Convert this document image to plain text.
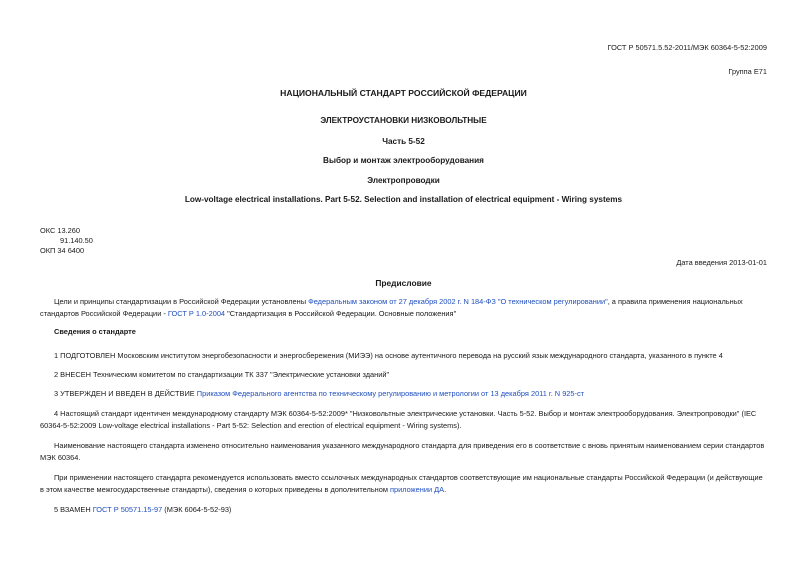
ГОСТ Р 50571.5.52-2011/МЭК 60364-5-52:2009
Группа Е71
НАЦИОНАЛЬНЫЙ СТАНДАРТ РОССИЙСКОЙ ФЕДЕРАЦИИ
ЭЛЕКТРОУСТАНОВКИ НИЗКОВОЛЬТНЫЕ
Часть 5-52
Выбор и монтаж электрооборудования
Электропроводки
Low-voltage electrical installations. Part 5-52. Selection and installation of electrical equipment - Wiring systems
ОКС 13.260
91.140.50
ОКП 34 6400
Дата введения 2013-01-01
Предисловие
Цели и принципы стандартизации в Российской Федерации установлены Федеральным законом от 27 декабря 2002 г. N 184-ФЗ "О техническом регулировании", а правила применения национальных стандартов Российской Федерации - ГОСТ Р 1.0-2004 "Стандартизация в Российской Федерации. Основные положения"
Сведения о стандарте
1 ПОДГОТОВЛЕН Московским институтом энергобезопасности и энергосбережения (МИЭЭ) на основе аутентичного перевода на русский язык международного стандарта, указанного в пункте 4
2 ВНЕСЕН Техническим комитетом по стандартизации ТК 337 "Электрические установки зданий"
3 УТВЕРЖДЕН И ВВЕДЕН В ДЕЙСТВИЕ Приказом Федерального агентства по техническому регулированию и метрологии от 13 декабря 2011 г. N 925-ст
4 Настоящий стандарт идентичен международному стандарту МЭК 60364-5-52:2009* "Низковольтные электрические установки. Часть 5-52. Выбор и монтаж электрооборудования. Электропроводки" (IEC 60364-5-52:2009 Low-voltage electrical installations - Part 5-52: Selection and erection of electrical equipment - Wiring systems).
Наименование настоящего стандарта изменено относительно наименования указанного международного стандарта для приведения его в соответствие с вновь принятым наименованием серии стандартов МЭК 60364.
При применении настоящего стандарта рекомендуется использовать вместо ссылочных международных стандартов соответствующие им национальные стандарты Российской Федерации (и действующие в этом качестве межгосударственные стандарты), сведения о которых приведены в дополнительном приложении ДА.
5 ВЗАМЕН ГОСТ Р 50571.15-97 (МЭК 6064-5-52-93)
